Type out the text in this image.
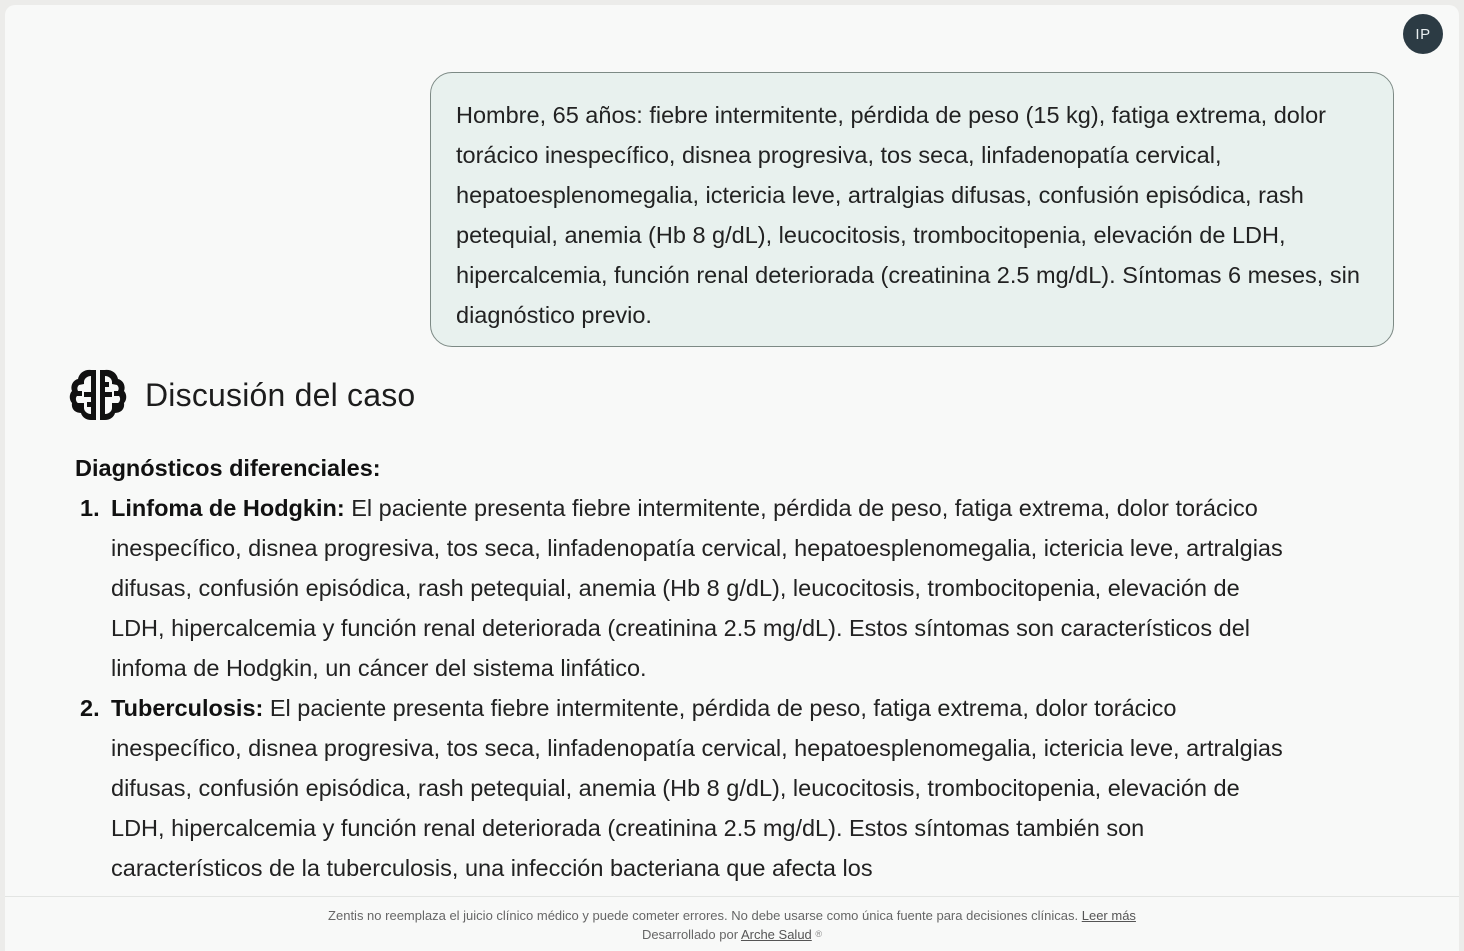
IP
Hombre, 65 años: fiebre intermitente, pérdida de peso (15 kg), fatiga extrema, dolor torácico inespecífico, disnea progresiva, tos seca, linfadenopatía cervical, hepatoesplenomegalia, ictericia leve, artralgias difusas, confusión episódica, rash petequial, anemia (Hb 8 g/dL), leucocitosis, trombocitopenia, elevación de LDH, hipercalcemia, función renal deteriorada (creatinina 2.5 mg/dL). Síntomas 6 meses, sin diagnóstico previo.
Discusión del caso
Diagnósticos diferenciales:
1. Linfoma de Hodgkin: El paciente presenta fiebre intermitente, pérdida de peso, fatiga extrema, dolor torácico inespecífico, disnea progresiva, tos seca, linfadenopatía cervical, hepatoesplenomegalia, ictericia leve, artralgias difusas, confusión episódica, rash petequial, anemia (Hb 8 g/dL), leucocitosis, trombocitopenia, elevación de LDH, hipercalcemia y función renal deteriorada (creatinina 2.5 mg/dL). Estos síntomas son característicos del linfoma de Hodgkin, un cáncer del sistema linfático.
2. Tuberculosis: El paciente presenta fiebre intermitente, pérdida de peso, fatiga extrema, dolor torácico inespecífico, disnea progresiva, tos seca, linfadenopatía cervical, hepatoesplenomegalia, ictericia leve, artralgias difusas, confusión episódica, rash petequial, anemia (Hb 8 g/dL), leucocitosis, trombocitopenia, elevación de LDH, hipercalcemia y función renal deteriorada (creatinina 2.5 mg/dL). Estos síntomas también son característicos de la tuberculosis, una infección bacteriana que afecta los
Zentis no reemplaza el juicio clínico médico y puede cometer errores. No debe usarse como única fuente para decisiones clínicas. Leer más
Desarrollado por Arche Salud ®
